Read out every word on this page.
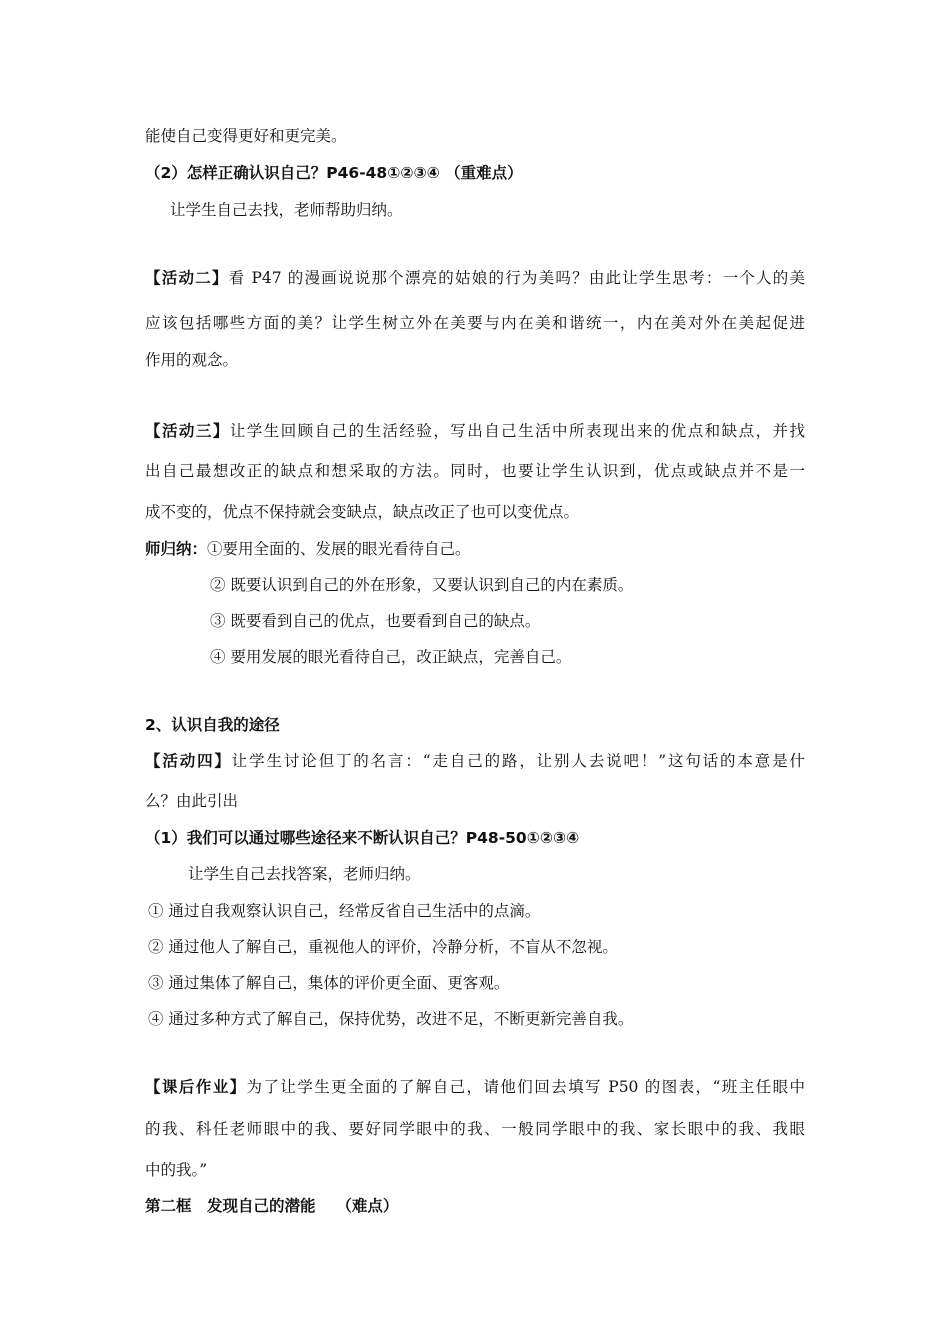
能使自己变得更好和更完美。
（2）怎样正确认识自己？P46-48①②③④ （重难点）
让学生自己去找，老师帮助归纳。
【活动二】看 P47 的漫画说说那个漂亮的姑娘的行为美吗？由此让学生思考：一个人的美
应该包括哪些方面的美？让学生树立外在美要与内在美和谐统一，内在美对外在美起促进
作用的观念。
【活动三】让学生回顾自己的生活经验，写出自己生活中所表现出来的优点和缺点，并找
出自己最想改正的缺点和想采取的方法。同时，也要让学生认识到，优点或缺点并不是一
成不变的，优点不保持就会变缺点，缺点改正了也可以变优点。
师归纳：①要用全面的、发展的眼光看待自己。
② 既要认识到自己的外在形象，又要认识到自己的内在素质。
③ 既要看到自己的优点，也要看到自己的缺点。
④ 要用发展的眼光看待自己，改正缺点，完善自己。
2、认识自我的途径
【活动四】让学生讨论但丁的名言：“走自己的路，让别人去说吧！”这句话的本意是什
么？由此引出
（1）我们可以通过哪些途径来不断认识自己？P48-50①②③④
让学生自己去找答案，老师归纳。
① 通过自我观察认识自己，经常反省自己生活中的点滴。
② 通过他人了解自己，重视他人的评价，冷静分析，不盲从不忽视。
③ 通过集体了解自己，集体的评价更全面、更客观。
④ 通过多种方式了解自己，保持优势，改进不足，不断更新完善自我。
【课后作业】为了让学生更全面的了解自己，请他们回去填写 P50 的图表，“班主任眼中
的我、科任老师眼中的我、要好同学眼中的我、一般同学眼中的我、家长眼中的我、我眼
中的我。”
第二框　发现自己的潜能　 （难点）
